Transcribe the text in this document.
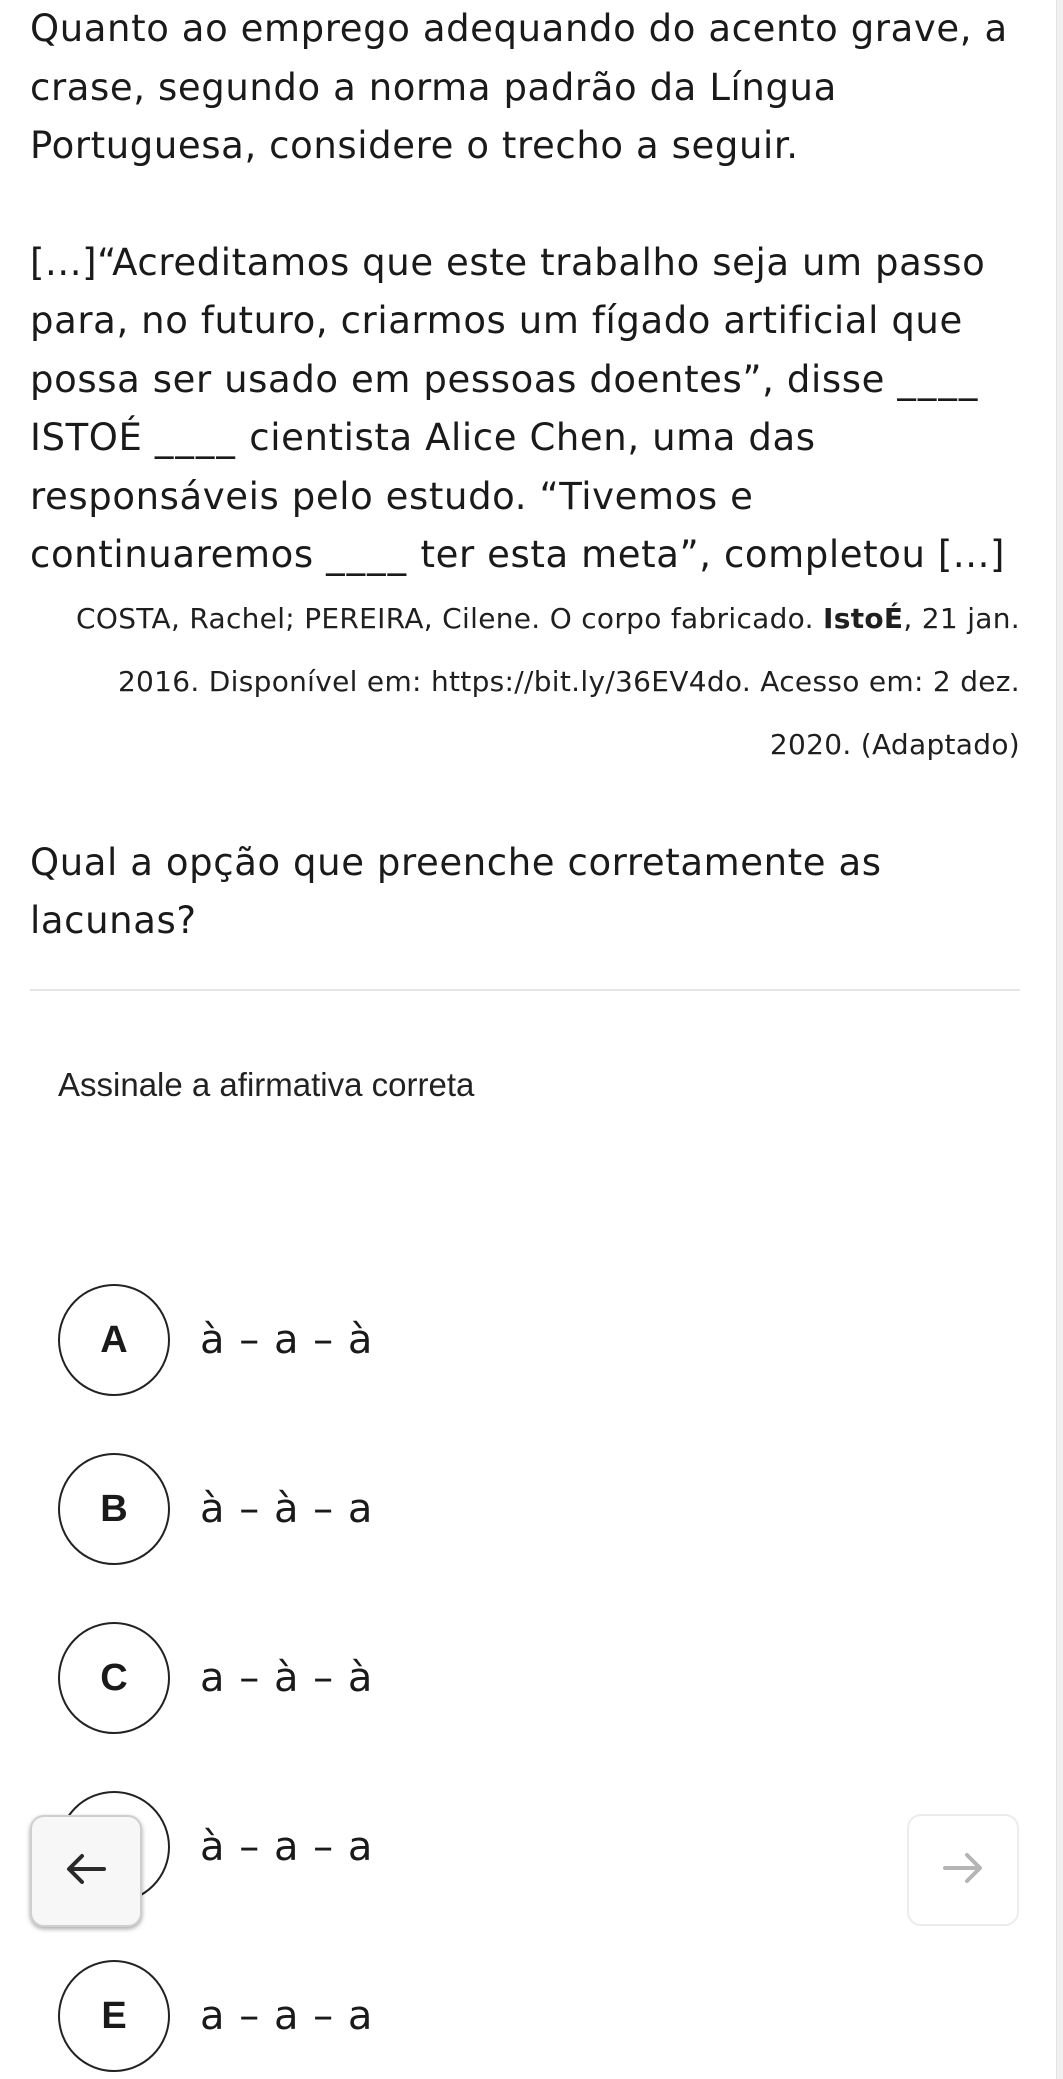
Quanto ao emprego adequando do acento grave, a crase, segundo a norma padrão da Língua Portuguesa, considere o trecho a seguir.

[...]“Acreditamos que este trabalho seja um passo para, no futuro, criarmos um fígado artificial que possa ser usado em pessoas doentes”, disse ____ ISTOÉ ____ cientista Alice Chen, uma das responsáveis pelo estudo. “Tivemos e continuaremos ____ ter esta meta”, completou [...]

COSTA, Rachel; PEREIRA, Cilene. O corpo fabricado. IstoÉ, 21 jan. 2016. Disponível em: https://bit.ly/36EV4do. Acesso em: 2 dez. 2020. (Adaptado)

Qual a opção que preenche corretamente as lacunas?

Assinale a afirmativa correta
A	à – a – à
B	à – à – a
C	a – à – à
à – a – a
E	a – a – a
